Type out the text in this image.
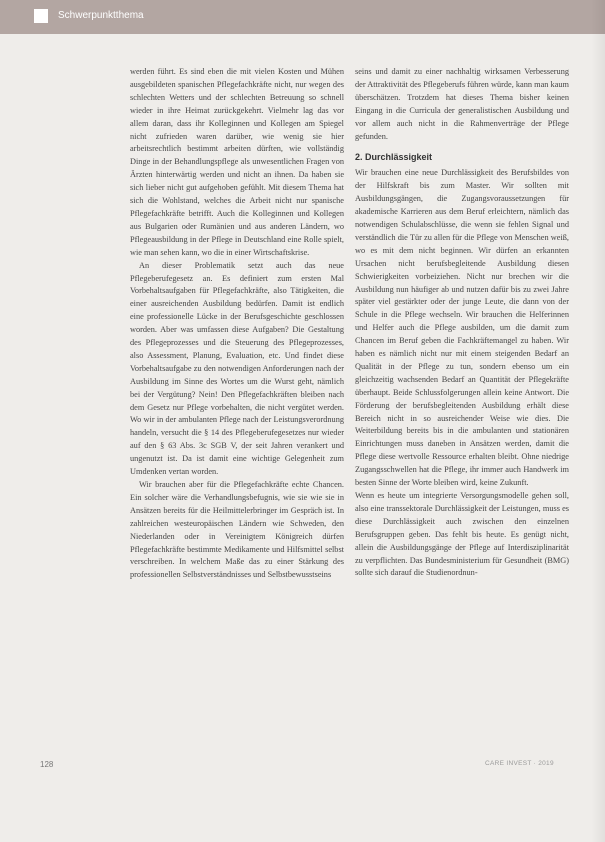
Schwerpunktthema

werden führt. Es sind eben die mit vielen Kosten und Mühen ausgebildeten spanischen Pflegefachkräfte nicht, nur wegen des schlechten Wetters und der schlechten Betreuung so schnell wieder in ihre Heimat zurückgekehrt. Vielmehr lag das vor allem daran, dass ihr Kolleginnen und Kollegen am Spiegel nicht zufrieden waren darüber, wie wenig sie hier arbeitsrechtlich bestimmt arbeiten dürften, wie vollständig Dinge in der Behandlungspflege als unwesentlichen Fragen von Ärzten hinterwärtig werden und nicht an ihnen. Da haben sie sich lieber nicht gut aufgehoben gefühlt. Mit diesem Thema hat sich die Wohlstand, welches die Arbeit nicht nur spanische Pflegefachkräfte betrifft. Auch die Kolleginnen und Kollegen aus Bulgarien oder Rumänien und aus anderen Ländern, wo Pflegeausbildung in der Pflege in Deutschland eine Rolle spielt, wie man sehen kann, wo die in einer Wirtschaftskrise.

An dieser Problematik setzt auch das neue Pflegeberufegesetz an. Es definiert zum ersten Mal Vorbehaltsaufgaben für Pflegefachkräfte, also Tätigkeiten, die einer ausreichenden Ausbildung bedürfen. Damit ist endlich eine professionelle Lücke in der Berufsgeschichte geschlossen worden. Aber was umfassen diese Aufgaben? Die Gestaltung des Pflegeprozesses und die Steuerung des Pflegeprozesses, also Assessment, Planung, Evaluation, etc. Und findet diese Vorbehaltsaufgabe zu den notwendigen Anforderungen nach der Ausbildung im Sinne des Wortes um die Wurst geht, nämlich bei der Vergütung? Nein! Den Pflegefachkräften bleiben nach dem Gesetz nur Pflege vorbehalten, die nicht vergütet werden. Wo wir in der ambulanten Pflege nach der Leistungsverordnung handeln, versucht die § 14 des Pflegeberufegesetzes nur wieder auf den § 63 Abs. 3c SGB V, der seit Jahren verankert und ungenutzt ist. Da ist damit eine wichtige Gelegenheit zum Umdenken vertan worden.

Wir brauchen aber für die Pflegefachkräfte echte Chancen. Ein solcher wäre die Verhandlungsbefugnis, wie sie wie sie in Ansätzen bereits für die Heilmittelerbringer im Gespräch ist. In zahlreichen westeuropäischen Ländern wie Schweden, den Niederlanden oder in Vereinigtem Königreich dürfen Pflegefachkräfte bestimmte Medikamente und Hilfsmittel selbst verschreiben. In welchem Maße das zu einer Stärkung des professionellen Selbstverständnisses und Selbstbewusstseins

seins und damit zu einer nachhaltig wirksamen Verbesserung der Attraktivität des Pflegeberufs führen würde, kann man kaum überschätzen. Trotzdem hat dieses Thema bisher keinen Eingang in die Curricula der generalistischen Ausbildung und vor allem auch nicht in die Rahmenverträge der Pflege gefunden.

2. Durchlässigkeit

Wir brauchen eine neue Durchlässigkeit des Berufsbildes von der Hilfskraft bis zum Master. Wir sollten mit Ausbildungsgängen, die Zugangsvoraussetzungen für akademische Karrieren aus dem Beruf erleichtern, nämlich das notwendigen Schulabschlüsse, die wenn sie fehlen Signal und verständlich die Tür zu allen für die Pflege von Menschen weiß, wo es mit dem nicht beginnen. Wir dürfen an erkannten Ursachen nicht berufsbegleitende Ausbildung diesen Schwierigkeiten vorbeiziehen. Nicht nur brechen wir die Ausbildung nun häufiger ab und nutzen dafür bis zu zwei Jahre später viel gestärkter oder der junge Leute, die dann von der Schule in die Pflege wechseln. Wir brauchen die Helferinnen und Helfer auch die Pflege ausbilden, um die damit zum Chancen im Beruf geben die Fachkräftemangel zu haben. Wir haben es nämlich nicht nur mit einem steigenden Bedarf an Qualität in der Pflege zu tun, sondern ebenso um ein gleichzeitig wachsenden Bedarf an Quantität der Pflegekräfte überhaupt. Beide Schlussfolgerungen allein keine Antwort. Die Förderung der berufsbegleitenden Ausbildung erhält diese Bereich nicht in so ausreichender Weise wie dies. Die Weiterbildung bereits bis in die ambulanten und stationären Einrichtungen muss daneben in Ansätzen werden, damit die Pflege diese wertvolle Ressource erhalten bleibt. Ohne niedrige Zugangsschwellen hat die Pflege, ihr immer auch Handwerk im besten Sinne der Worte bleiben wird, keine Zukunft.

Wenn es heute um integrierte Versorgungsmodelle gehen soll, also eine transsektorale Durchlässigkeit der Leistungen, muss es diese Durchlässigkeit auch zwischen den einzelnen Berufsgruppen geben. Das fehlt bis heute. Es genügt nicht, allein die Ausbildungsgänge der Pflege auf Interdisziplinarität zu verpflichten. Das Bundesministerium für Gesundheit (BMG) sollte sich darauf die Studienordnun-

128	CARE INVEST · 2019
